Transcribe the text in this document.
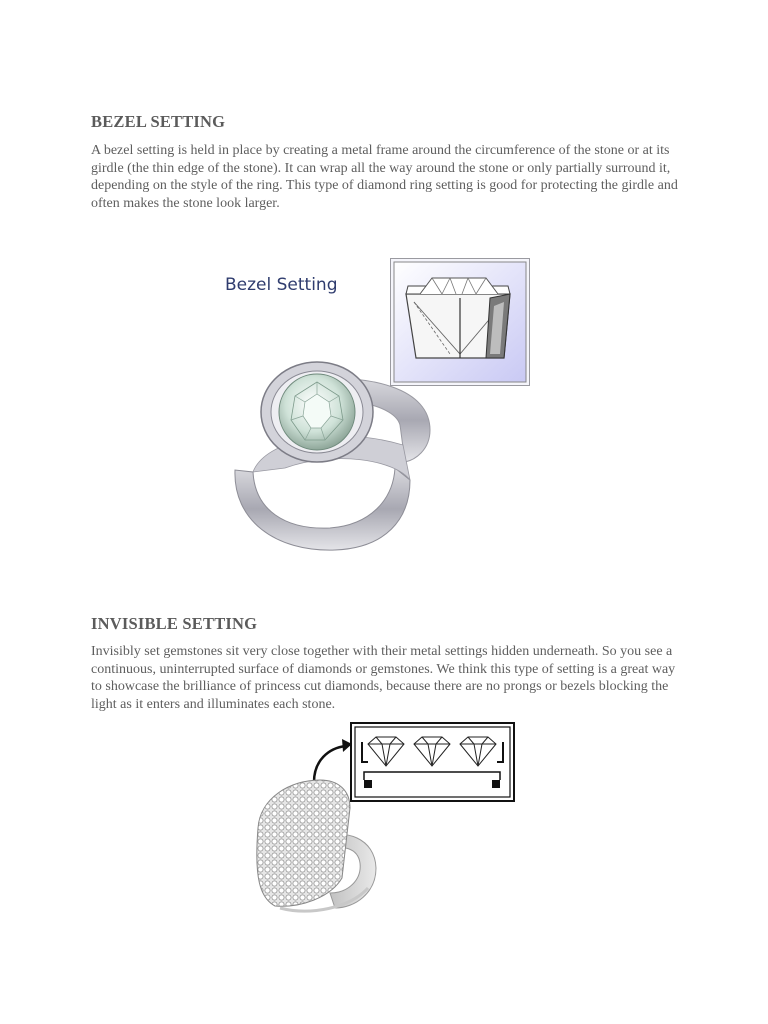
BEZEL SETTING

A bezel setting is held in place by creating a metal frame around the circumference of the stone or at its girdle (the thin edge of the stone). It can wrap all the way around the stone or only partially surround it, depending on the style of the ring. This type of diamond ring setting is good for protecting the girdle and often makes the stone look larger.

Bezel Setting
INVISIBLE SETTING

Invisibly set gemstones sit very close together with their metal settings hidden underneath. So you see a continuous, uninterrupted surface of diamonds or gemstones. We think this type of setting is a great way to showcase the brilliance of princess cut diamonds, because there are no prongs or bezels blocking the light as it enters and illuminates each stone.
